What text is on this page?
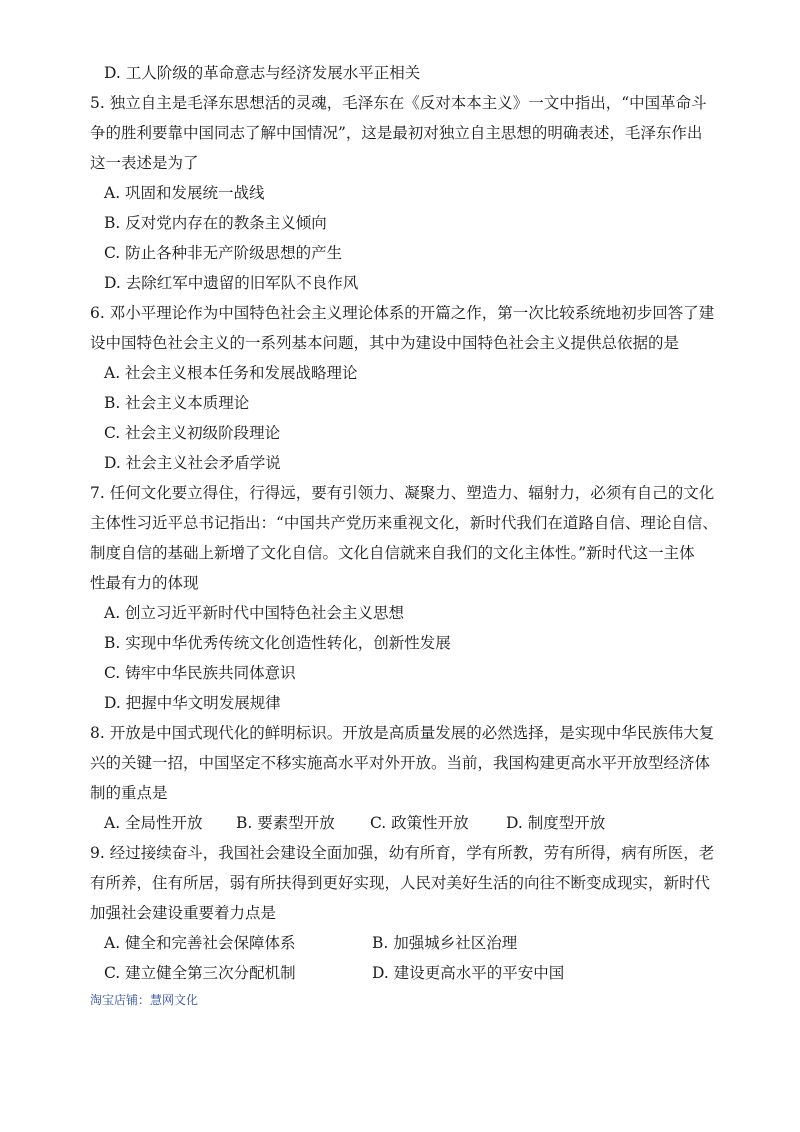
D. 工人阶级的革命意志与经济发展水平正相关
5. 独立自主是毛泽东思想活的灵魂，毛泽东在《反对本本主义》一文中指出，“中国革命斗
争的胜利要靠中国同志了解中国情况”，这是最初对独立自主思想的明确表述，毛泽东作出
这一表述是为了
A. 巩固和发展统一战线
B. 反对党内存在的教条主义倾向
C. 防止各种非无产阶级思想的产生
D. 去除红军中遗留的旧军队不良作风
6. 邓小平理论作为中国特色社会主义理论体系的开篇之作，第一次比较系统地初步回答了建
设中国特色社会主义的一系列基本问题，其中为建设中国特色社会主义提供总依据的是
A. 社会主义根本任务和发展战略理论
B. 社会主义本质理论
C. 社会主义初级阶段理论
D. 社会主义社会矛盾学说
7. 任何文化要立得住，行得远，要有引领力、凝聚力、塑造力、辐射力，必须有自己的文化
主体性习近平总书记指出：“中国共产党历来重视文化，新时代我们在道路自信、理论自信、
制度自信的基础上新增了文化自信。文化自信就来自我们的文化主体性。”新时代这一主体
性最有力的体现
A. 创立习近平新时代中国特色社会主义思想
B. 实现中华优秀传统文化创造性转化，创新性发展
C. 铸牢中华民族共同体意识
D. 把握中华文明发展规律
8. 开放是中国式现代化的鲜明标识。开放是高质量发展的必然选择，是实现中华民族伟大复
兴的关键一招，中国坚定不移实施高水平对外开放。当前，我国构建更高水平开放型经济体
制的重点是
A. 全局性开放 B. 要素型开放 C. 政策性开放 D. 制度型开放
9. 经过接续奋斗，我国社会建设全面加强，幼有所育，学有所教，劳有所得，病有所医，老
有所养，住有所居，弱有所扶得到更好实现，人民对美好生活的向往不断变成现实，新时代
加强社会建设重要着力点是
A. 健全和完善社会保障体系	B. 加强城乡社区治理
C. 建立健全第三次分配机制	D. 建设更高水平的平安中国
淘宝店铺：慧网文化
